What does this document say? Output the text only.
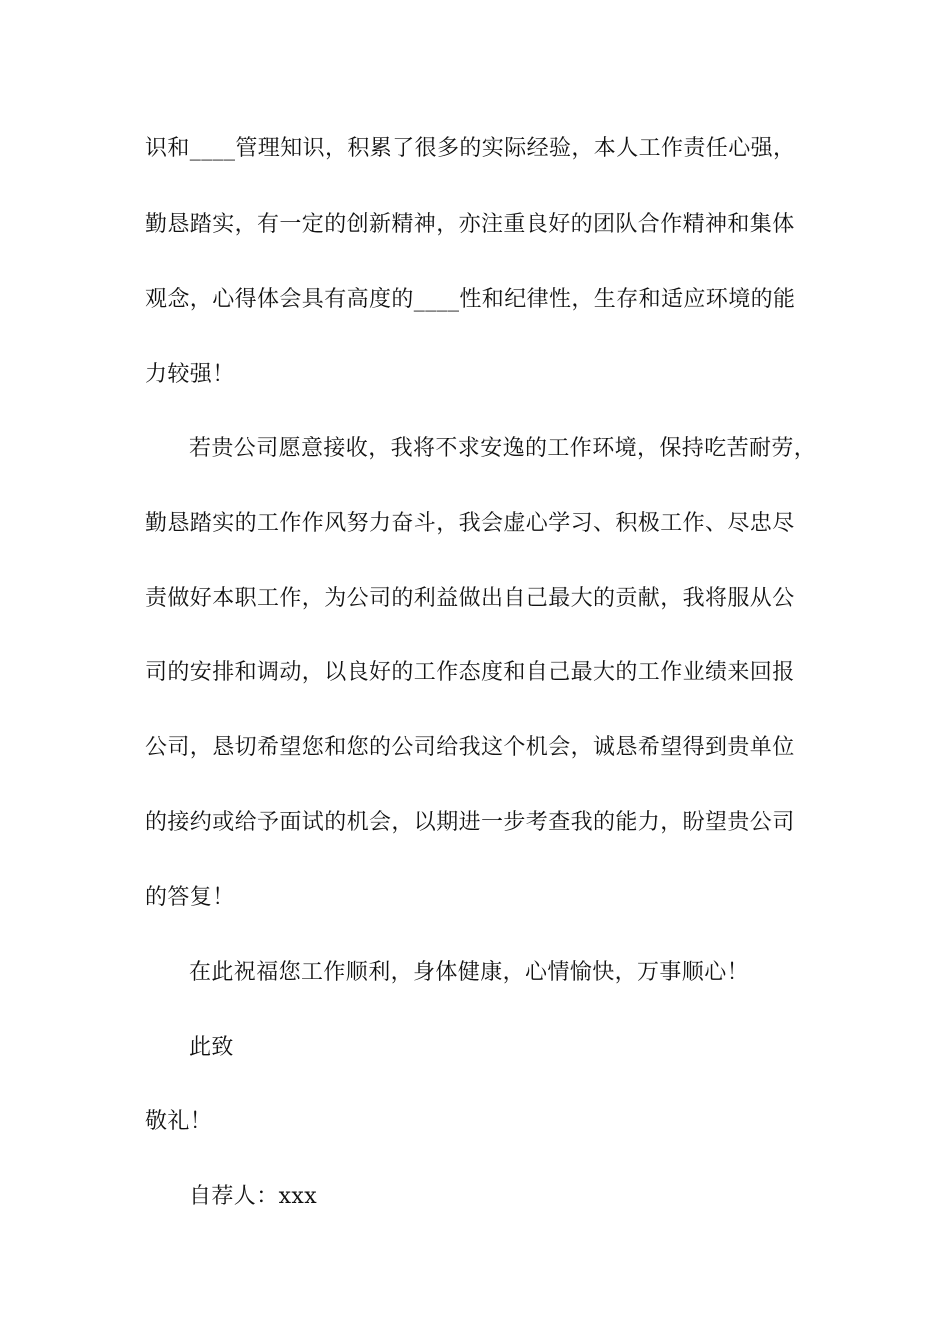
识和____管理知识，积累了很多的实际经验，本人工作责任心强，

勤恳踏实，有一定的创新精神，亦注重良好的团队合作精神和集体

观念，心得体会具有高度的____性和纪律性，生存和适应环境的能

力较强！

若贵公司愿意接收，我将不求安逸的工作环境，保持吃苦耐劳，

勤恳踏实的工作作风努力奋斗，我会虚心学习、积极工作、尽忠尽

责做好本职工作，为公司的利益做出自己最大的贡献，我将服从公

司的安排和调动，以良好的工作态度和自己最大的工作业绩来回报

公司，恳切希望您和您的公司给我这个机会，诚恳希望得到贵单位

的接约或给予面试的机会，以期进一步考查我的能力，盼望贵公司

的答复！

在此祝福您工作顺利，身体健康，心情愉快，万事顺心！

此致

敬礼！

自荐人：xxx
